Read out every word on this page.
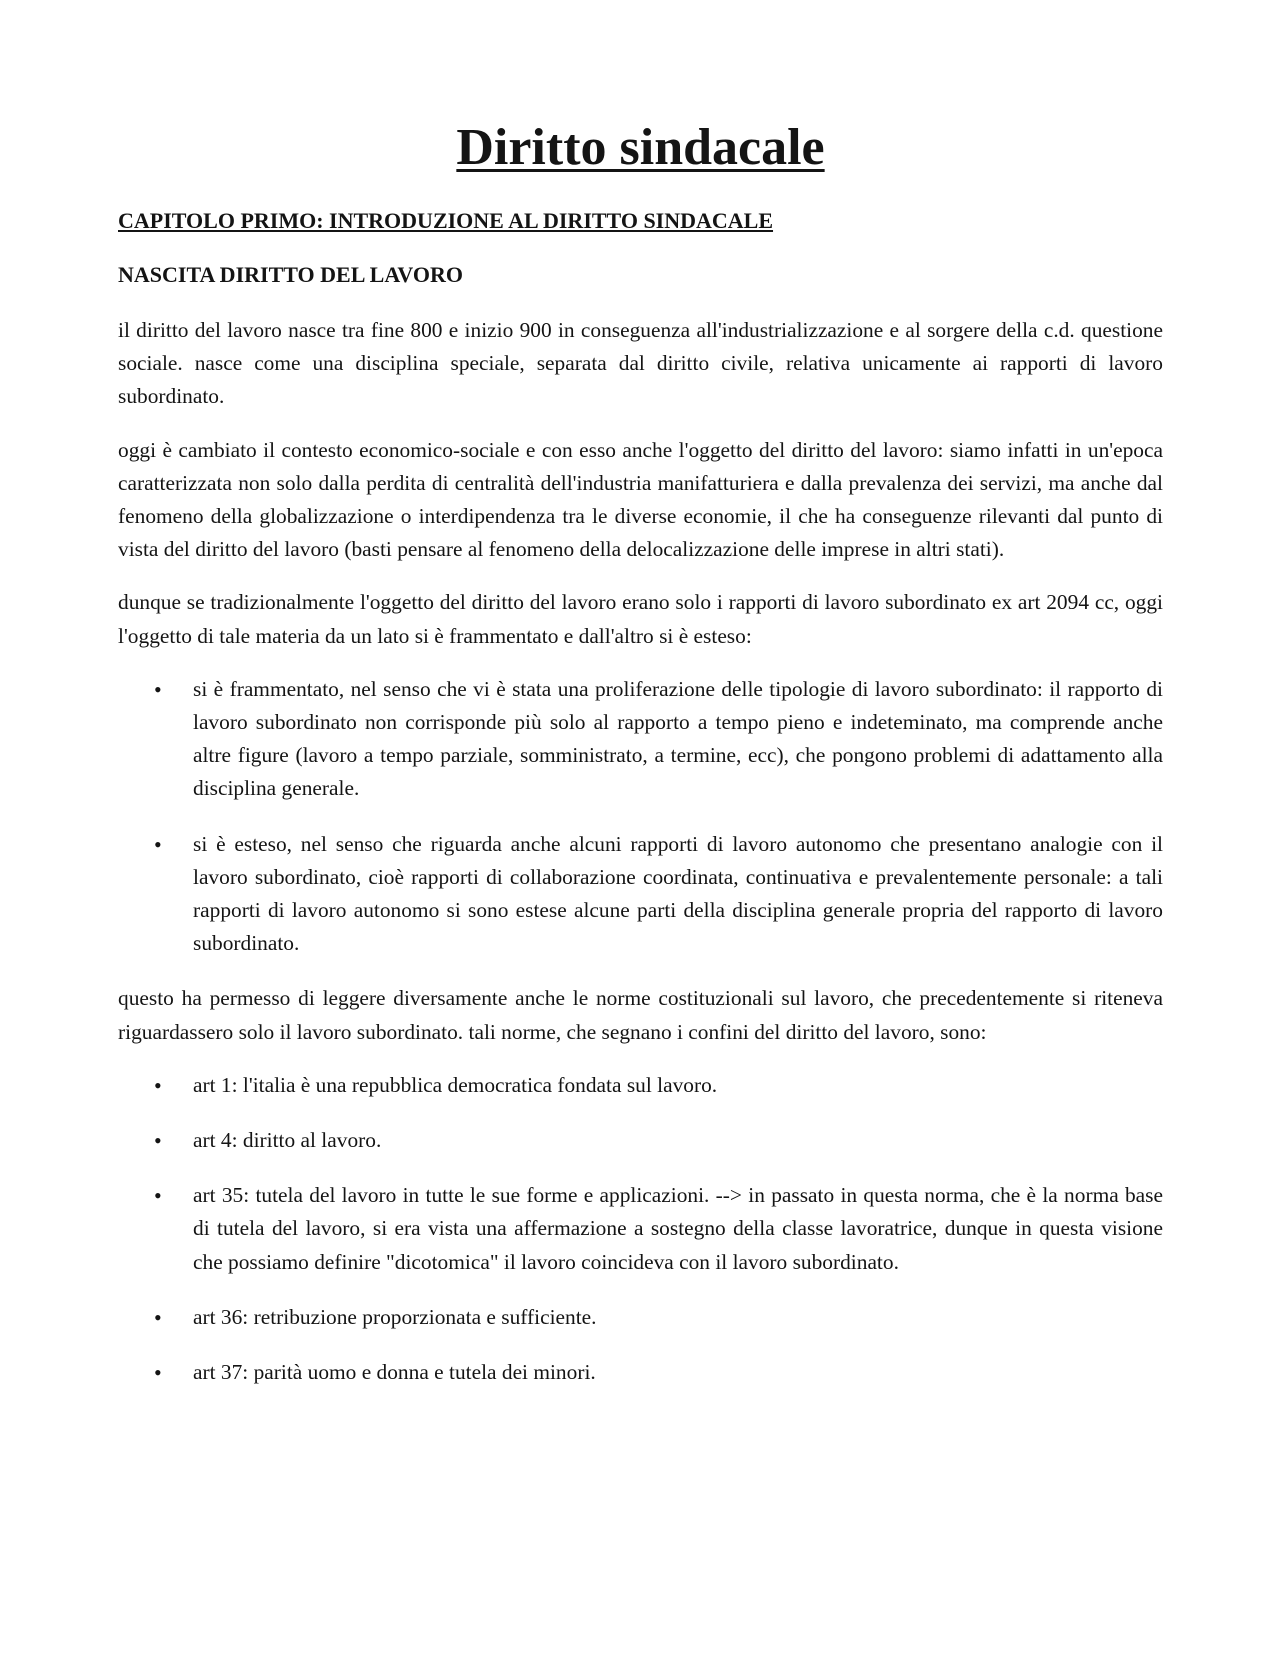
Diritto sindacale
CAPITOLO PRIMO: INTRODUZIONE AL DIRITTO SINDACALE
NASCITA DIRITTO DEL LAVORO

il diritto del lavoro nasce tra fine 800 e inizio 900 in conseguenza all'industrializzazione e al sorgere della c.d. questione sociale. nasce come una disciplina speciale, separata dal diritto civile, relativa unicamente ai rapporti di lavoro subordinato.

oggi è cambiato il contesto economico-sociale e con esso anche l'oggetto del diritto del lavoro: siamo infatti in un'epoca caratterizzata non solo dalla perdita di centralità dell'industria manifatturiera e dalla prevalenza dei servizi, ma anche dal fenomeno della globalizzazione o interdipendenza tra le diverse economie, il che ha conseguenze rilevanti dal punto di vista del diritto del lavoro (basti pensare al fenomeno della delocalizzazione delle imprese in altri stati).

dunque se tradizionalmente l'oggetto del diritto del lavoro erano solo i rapporti di lavoro subordinato ex art 2094 cc, oggi l'oggetto di tale materia da un lato si è frammentato e dall'altro si è esteso:

• si è frammentato, nel senso che vi è stata una proliferazione delle tipologie di lavoro subordinato: il rapporto di lavoro subordinato non corrisponde più solo al rapporto a tempo pieno e indeteminato, ma comprende anche altre figure (lavoro a tempo parziale, somministrato, a termine, ecc), che pongono problemi di adattamento alla disciplina generale.
• si è esteso, nel senso che riguarda anche alcuni rapporti di lavoro autonomo che presentano analogie con il lavoro subordinato, cioè rapporti di collaborazione coordinata, continuativa e prevalentemente personale: a tali rapporti di lavoro autonomo si sono estese alcune parti della disciplina generale propria del rapporto di lavoro subordinato.

questo ha permesso di leggere diversamente anche le norme costituzionali sul lavoro, che precedentemente si riteneva riguardassero solo il lavoro subordinato. tali norme, che segnano i confini del diritto del lavoro, sono:

• art 1: l'italia è una repubblica democratica fondata sul lavoro.
• art 4: diritto al lavoro.
• art 35: tutela del lavoro in tutte le sue forme e applicazioni. --> in passato in questa norma, che è la norma base di tutela del lavoro, si era vista una affermazione a sostegno della classe lavoratrice, dunque in questa visione che possiamo definire "dicotomica" il lavoro coincideva con il lavoro subordinato.
• art 36: retribuzione proporzionata e sufficiente.
• art 37: parità uomo e donna e tutela dei minori.
